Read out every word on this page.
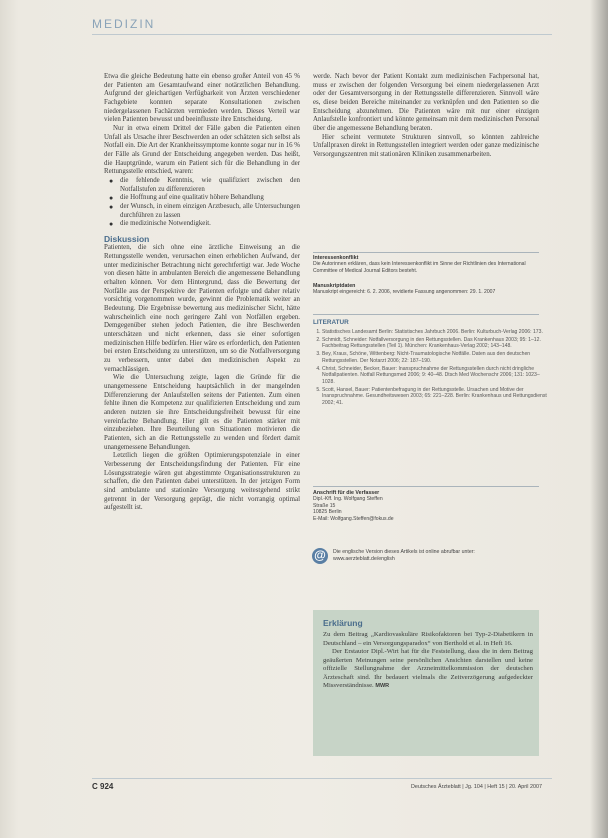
MEDIZIN

Etwa die gleiche Bedeutung hatte ein ebenso großer Anteil von 45 % der Patienten am Gesamtaufwand einer notärztlichen Behandlung. Aufgrund der gleichartigen Verfügbarkeit von Ärzten verschiedener Fachgebiete konnten separate Konsultationen zwischen niedergelassenen Fachärzten vermieden werden. Dieses Verteil war vielen Patienten bewusst und beeinflusste ihre Entscheidung.

Nur in etwa einem Drittel der Fälle gaben die Patienten einen Unfall als Ursache ihrer Beschwerden an oder schätzten sich selbst als Notfall ein. Die Art der Krankheitssymptome konnte sogar nur in 16 % der Fälle als Grund der Entscheidung angegeben werden. Das heißt, die Hauptgründe, warum ein Patient sich für die Behandlung in der Rettungsstelle entschied, waren:

● die fehlende Kenntnis, wie qualifiziert zwischen den Notfallstufen zu differenzieren
● die Hoffnung auf eine qualitativ höhere Behandlung
● der Wunsch, in einem einzigen Arztbesuch, alle Untersuchungen durchführen zu lassen
● die medizinische Notwendigkeit.
Diskussion

Patienten, die sich ohne eine ärztliche Einweisung an die Rettungsstelle wenden, verursachen einen erheblichen Aufwand, der unter medizinischer Betrachtung nicht gerechtfertigt war. Jede Woche von diesen hätte in ambulanten Bereich die angemessene Behandlung erhalten können. Vor dem Hintergrund, dass die Bewertung der Notfälle aus der Perspektive der Patienten erfolgte und daher relativ vorsichtig vorgenommen wurde, gewinnt die Problematik weiter an Bedeutung. Die Ergebnisse bewertung aus medizinischer Sicht, hätte wahrscheinlich eine noch geringere Zahl von Notfällen ergeben. Demgegenüber stehen jedoch Patienten, die ihre Beschwerden unterschätzen und nicht erkennen, dass sie einer sofortigen medizinischen Hilfe bedürfen. Hier wäre es erforderlich, den Patienten bei ersten Entscheidung zu unterstützen, um so die Notfallversorgung zu verbessern, unter dabei den medizinischen Aspekt zu vernachlässigen.

Wie die Untersuchung zeigte, lagen die Gründe für die unangemessene Entscheidung hauptsächlich in der mangelnden Differenzierung der Anlaufstellen seitens der Patienten. Zum einen fehlte ihnen die Kompetenz zur qualifizierten Entscheidung und zum anderen nutzten sie ihre Entscheidungsfreiheit bewusst für eine vereinfachte Behandlung. Hier gilt es die Patienten stärker mit einzubeziehen. Ihre Beurteilung von Situationen motivieren die Patienten, sich an die Rettungsstelle zu wenden und fördert damit unangemessene Behandlungen.

Letztlich liegen die größten Optimierungspotenziale in einer Verbesserung der Entscheidungsfindung der Patienten. Für eine Lösungsstrategie wären gut abgestimmte Organisationsstrukturen zu schaffen, die den Patienten dabei unterstützen. In der jetzigen Form sind ambulante und stationäre Versorgung weitestgehend strikt getrennt in der Versorgung geprägt, die nicht vorrangig optimal aufgestellt ist.

werde. Nach bevor der Patient Kontakt zum medizinischen Fachpersonal hat, muss er zwischen der folgenden Versorgung bei einem niedergelassenen Arzt oder der Gesamtversorgung in der Rettungsstelle differenzieren. Sinnvoll wäre es, diese beiden Bereiche miteinander zu verknüpfen und den Patienten so die Entscheidung abzunehmen. Die Patienten wäre mit nur einer einzigen Anlaufstelle konfrontiert und könnte gemeinsam mit dem medizinischen Personal über die angemessene Behandlung beraten.

Hier scheint vermutete Strukturen sinnvoll, so könnten zahlreiche Unfallpraxen direkt in Rettungsstellen integriert werden oder ganze medizinische Versorgungszentren mit stationären Kliniken zusammenarbeiten.

Interessenkonflikt
Die Autorinnen erklären, dass kein Interessenkonflikt im Sinne der Richtlinien des International Committee of Medical Journal Editors besteht.
Manuskriptdaten
Manuskript eingereicht: 6. 2. 2006, revidierte Fassung angenommen: 29. 1. 2007
LITERATUR
1. Statistisches Landesamt Berlin: Statistisches Jahrbuch 2006. Berlin: Kulturbuch-Verlag 2006: 173.
2. Schmidt, Schneider: Notfallversorgung in den Rettungsstellen. Das Krankenhaus 2003; 95: 1–12. Fachbeitrag Rettungsstellen (Teil 1). München: Krankenhaus-Verlag 2002; 143–148.
3. Bey, Kraus, Schöne, Wittenberg: Nicht-Traumatologische Notfälle. Daten aus den deutschen Rettungsstellen. Der Notarzt 2006; 22: 187–190.
4. Christ, Schneider, Becker, Bauer: Inanspruchnahme der Rettungsstellen durch nicht dringliche Notfallpatienten. Notfall Rettungsmed 2006; 9: 40–48. Dtsch Med Wochenschr 2006; 131: 1023–1028.
5. Scott, Hansel, Bauer: Patientenbefragung in der Rettungsstelle. Ursachen und Motive der Inanspruchnahme. Gesundheitswesen 2003; 65: 221–228. Berlin: Krankenhaus und Rettungsdienst 2002; 41.
Anschrift für die Verfasser
Dipl.-Kff. Ing. Wolfgang Steffen
Straße 15
10825 Berlin
E-Mail: Wolfgang.Steffen@fokus.de
@	Die englische Version dieses Artikels ist online abrufbar unter: www.aerzteblatt.de/english
Erklärung

Zu dem Beitrag „Kardiovaskuläre Risikofaktoren bei Typ-2-Diabetikern in Deutschland – ein Versorgungsparadox“ von Berthold et al. in Heft 16.

Der Erstautor Dipl.-Wirt hat für die Feststellung, dass die in dem Beitrag geäußerten Meinungen seine persönlichen Ansichten darstellen und keine offizielle Stellungnahme der Arzneimittelkommission der deutschen Ärzteschaft sind. Ihr bedauert vielmals die Zeitverzögerung aufgedeckter Missverständnisse. MWR

C 924	Deutsches Ärzteblatt | Jg. 104 | Heft 15 | 20. April 2007
